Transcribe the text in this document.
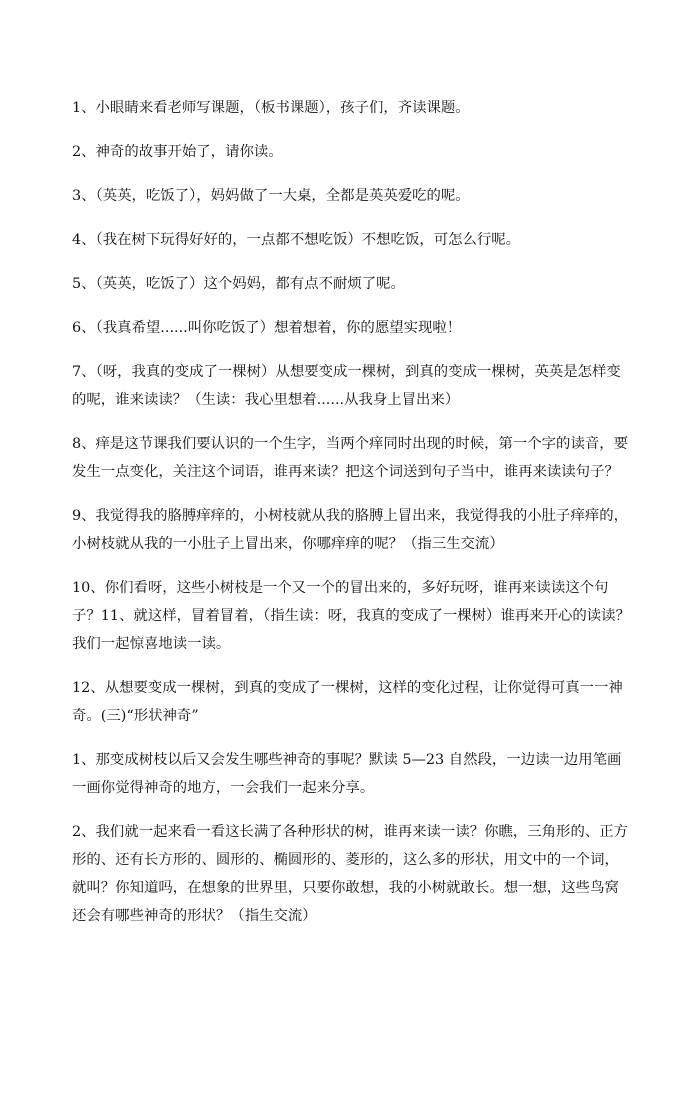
1、小眼睛来看老师写课题，（板书课题），孩子们，齐读课题。

2、神奇的故事开始了，请你读。

3、（英英，吃饭了），妈妈做了一大桌，全都是英英爱吃的呢。

4、（我在树下玩得好好的，一点都不想吃饭）不想吃饭，可怎么行呢。

5、（英英，吃饭了）这个妈妈，都有点不耐烦了呢。

6、（我真希望......叫你吃饭了）想着想着，你的愿望实现啦！

7、（呀，我真的变成了一棵树）从想要变成一棵树，到真的变成一棵树，英英是怎样变的呢，谁来读读？（生读：我心里想着......从我身上冒出来）

8、痒是这节课我们要认识的一个生字，当两个痒同时出现的时候，第一个字的读音，要发生一点变化，关注这个词语，谁再来读？把这个词送到句子当中，谁再来读读句子？

9、我觉得我的胳膊痒痒的，小树枝就从我的胳膊上冒出来，我觉得我的小肚子痒痒的，小树枝就从我的一小肚子上冒出来，你哪痒痒的呢？（指三生交流）

10、你们看呀，这些小树枝是一个又一个的冒出来的，多好玩呀，谁再来读读这个句子？11、就这样，冒着冒着，（指生读：呀，我真的变成了一棵树）谁再来开心的读读？我们一起惊喜地读一读。

12、从想要变成一棵树，到真的变成了一棵树，这样的变化过程，让你觉得可真一一神奇。(三)“形状神奇”

1、那变成树枝以后又会发生哪些神奇的事呢？默读 5—23 自然段，一边读一边用笔画一画你觉得神奇的地方，一会我们一起来分享。

2、我们就一起来看一看这长满了各种形状的树，谁再来读一读？你瞧，三角形的、正方形的、还有长方形的、圆形的、椭圆形的、菱形的，这么多的形状，用文中的一个词，就叫？你知道吗，在想象的世界里，只要你敢想，我的小树就敢长。想一想，这些鸟窝还会有哪些神奇的形状？（指生交流）
